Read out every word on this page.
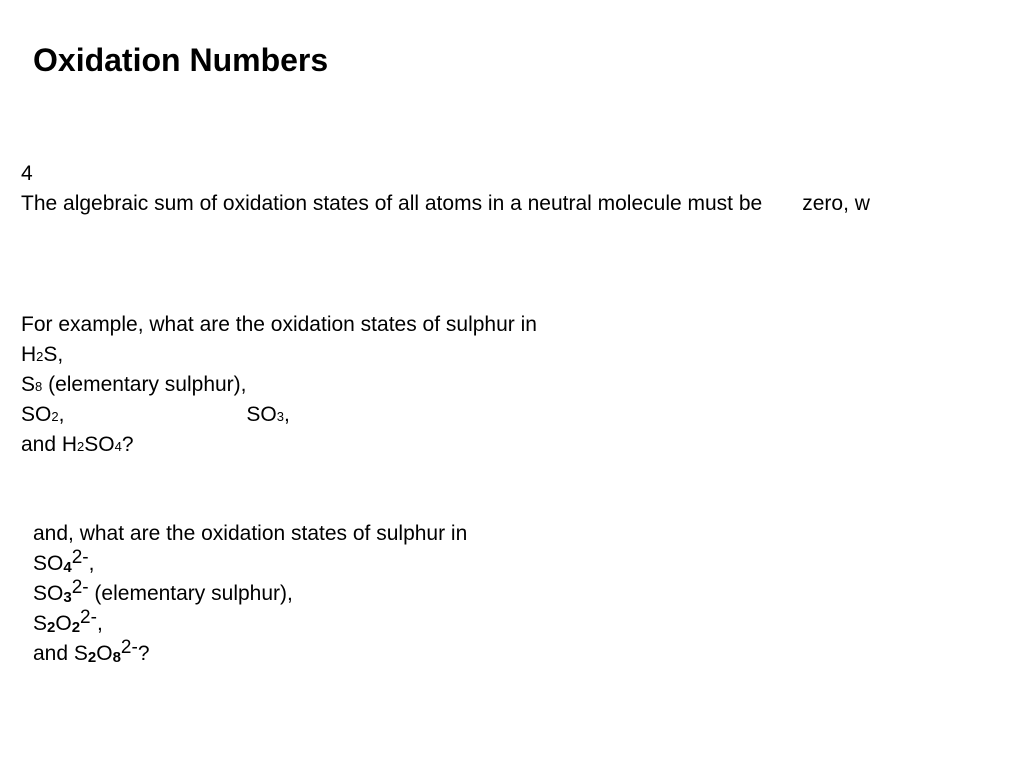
Oxidation Numbers
4
The algebraic sum of oxidation states of all atoms in a neutral molecule must be zero, w
For example, what are the oxidation states of sulphur in
H2S,
S8 (elementary sulphur),
SO2,	SO3,
and H2SO4?
and, what are the oxidation states of sulphur in
SO42-,
SO32- (elementary sulphur),
S2O22-,
and S2O82-?
